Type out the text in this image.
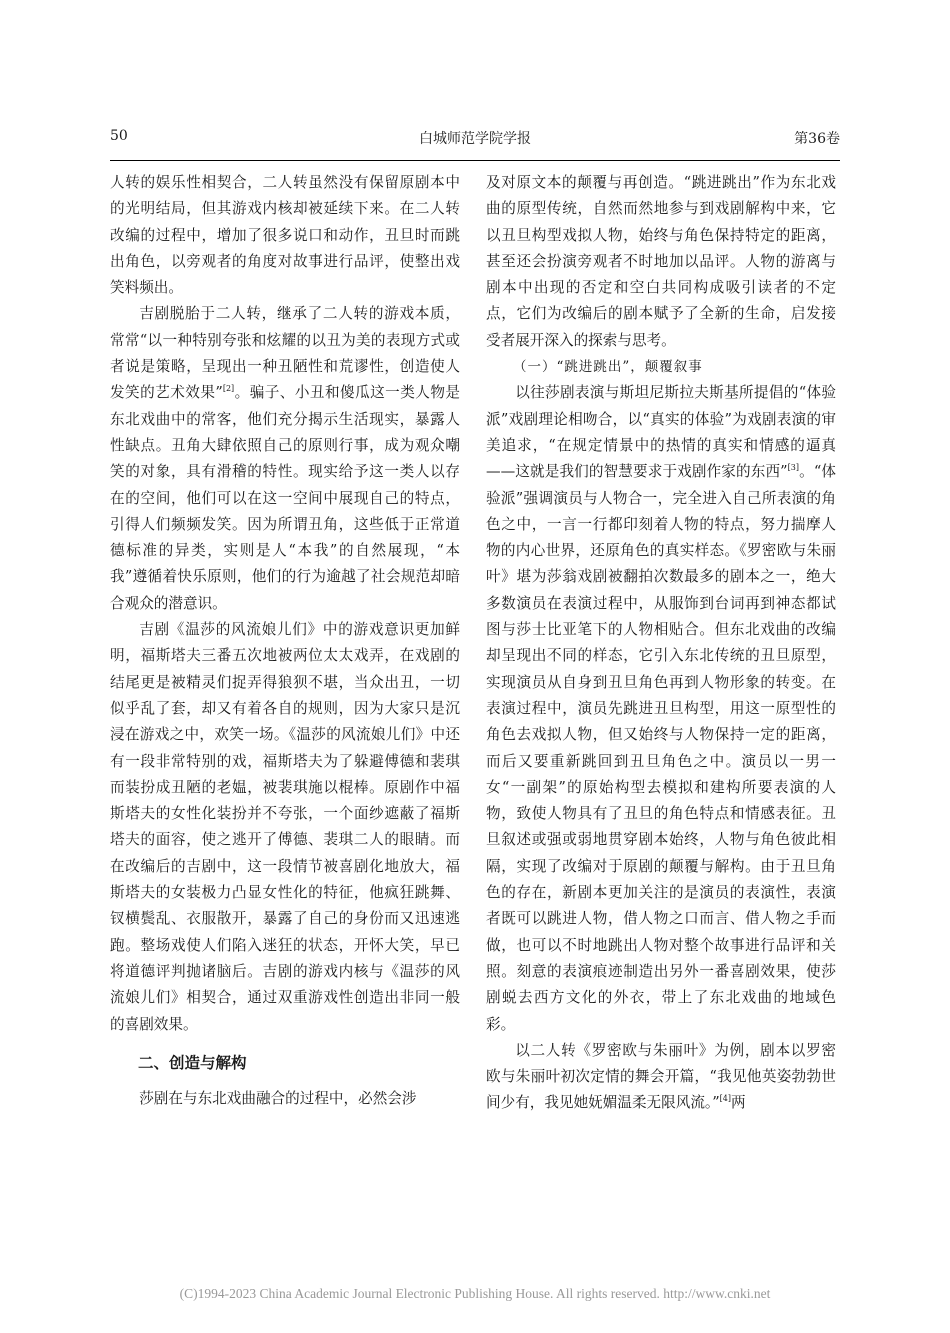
50	白城师范学院学报	第36卷

人转的娱乐性相契合，二人转虽然没有保留原剧本中的光明结局，但其游戏内核却被延续下来。在二人转改编的过程中，增加了很多说口和动作，丑旦时而跳出角色，以旁观者的角度对故事进行品评，使整出戏笑料频出。

吉剧脱胎于二人转，继承了二人转的游戏本质，常常“以一种特别夸张和炫耀的以丑为美的表现方式或者说是策略，呈现出一种丑陋性和荒谬性，创造使人发笑的艺术效果”[2]。骗子、小丑和傻瓜这一类人物是东北戏曲中的常客，他们充分揭示生活现实，暴露人性缺点。丑角大肆依照自己的原则行事，成为观众嘲笑的对象，具有滑稽的特性。现实给予这一类人以存在的空间，他们可以在这一空间中展现自己的特点，引得人们频频发笑。因为所谓丑角，这些低于正常道德标准的异类，实则是人“本我”的自然展现，“本我”遵循着快乐原则，他们的行为逾越了社会规范却暗合观众的潜意识。

吉剧《温莎的风流娘儿们》中的游戏意识更加鲜明，福斯塔夫三番五次地被两位太太戏弄，在戏剧的结尾更是被精灵们捉弄得狼狈不堪，当众出丑，一切似乎乱了套，却又有着各自的规则，因为大家只是沉浸在游戏之中，欢笑一场。《温莎的风流娘儿们》中还有一段非常特别的戏，福斯塔夫为了躲避傅德和裴琪而装扮成丑陋的老媪，被裴琪施以棍棒。原剧作中福斯塔夫的女性化装扮并不夸张，一个面纱遮蔽了福斯塔夫的面容，使之逃开了傅德、裴琪二人的眼睛。而在改编后的吉剧中，这一段情节被喜剧化地放大，福斯塔夫的女装极力凸显女性化的特征，他疯狂跳舞、钗横鬓乱、衣服散开，暴露了自己的身份而又迅速逃跑。整场戏使人们陷入迷狂的状态，开怀大笑，早已将道德评判抛诸脑后。吉剧的游戏内核与《温莎的风流娘儿们》相契合，通过双重游戏性创造出非同一般的喜剧效果。

二、创造与解构

莎剧在与东北戏曲融合的过程中，必然会涉

及对原文本的颠覆与再创造。“跳进跳出”作为东北戏曲的原型传统，自然而然地参与到戏剧解构中来，它以丑旦构型戏拟人物，始终与角色保持特定的距离，甚至还会扮演旁观者不时地加以品评。人物的游离与剧本中出现的否定和空白共同构成吸引读者的不定点，它们为改编后的剧本赋予了全新的生命，启发接受者展开深入的探索与思考。

（一）“跳进跳出”，颠覆叙事

以往莎剧表演与斯坦尼斯拉夫斯基所提倡的“体验派”戏剧理论相吻合，以“真实的体验”为戏剧表演的审美追求，“在规定情景中的热情的真实和情感的逼真——这就是我们的智慧要求于戏剧作家的东西”[3]。“体验派”强调演员与人物合一，完全进入自己所表演的角色之中，一言一行都印刻着人物的特点，努力揣摩人物的内心世界，还原角色的真实样态。《罗密欧与朱丽叶》堪为莎翁戏剧被翻拍次数最多的剧本之一，绝大多数演员在表演过程中，从服饰到台词再到神态都试图与莎士比亚笔下的人物相贴合。但东北戏曲的改编却呈现出不同的样态，它引入东北传统的丑旦原型，实现演员从自身到丑旦角色再到人物形象的转变。在表演过程中，演员先跳进丑旦构型，用这一原型性的角色去戏拟人物，但又始终与人物保持一定的距离，而后又要重新跳回到丑旦角色之中。演员以一男一女“一副架”的原始构型去模拟和建构所要表演的人物，致使人物具有了丑旦的角色特点和情感表征。丑旦叙述或强或弱地贯穿剧本始终，人物与角色彼此相隔，实现了改编对于原剧的颠覆与解构。由于丑旦角色的存在，新剧本更加关注的是演员的表演性，表演者既可以跳进人物，借人物之口而言、借人物之手而做，也可以不时地跳出人物对整个故事进行品评和关照。刻意的表演痕迹制造出另外一番喜剧效果，使莎剧蜕去西方文化的外衣，带上了东北戏曲的地域色彩。

以二人转《罗密欧与朱丽叶》为例，剧本以罗密欧与朱丽叶初次定情的舞会开篇，“我见他英姿勃勃世间少有，我见她妩媚温柔无限风流。”[4]两

(C)1994-2023 China Academic Journal Electronic Publishing House. All rights reserved. http://www.cnki.net
